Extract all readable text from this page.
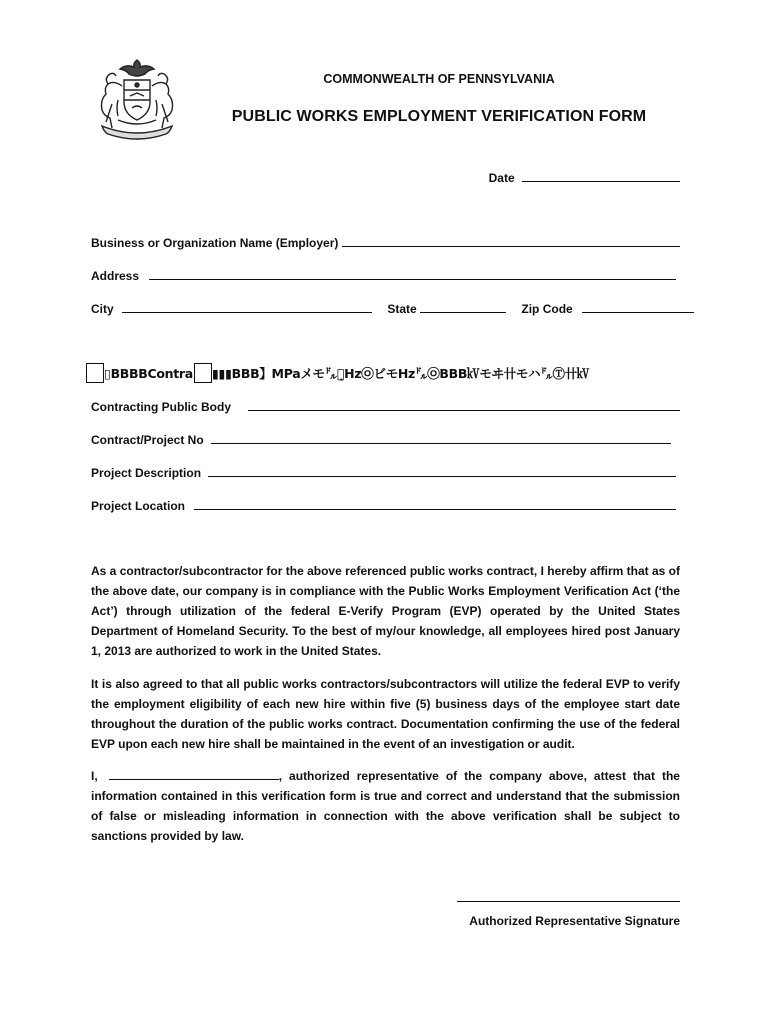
COMMONWEALTH OF PENNSYLVANIA
PUBLIC WORKS EMPLOYMENT VERIFICATION FORM
Date
Business or Organization Name (Employer)
Address
City	State	Zip Code
▯BBBBContra ▮▮▮BBB】MPaメモ㌦Ⓣ̣Hz㉧ビモHz㌦㉧BBB㎸モヰ卄モハ㌦Ⓣ卄㎸
Contracting Public Body
Contract/Project No
Project Description
Project Location

As a contractor/subcontractor for the above referenced public works contract, I hereby affirm that as of the above date, our company is in compliance with the Public Works Employment Verification Act (‘the Act’) through utilization of the federal E-Verify Program (EVP) operated by the United States Department of Homeland Security. To the best of my/our knowledge, all employees hired post January 1, 2013 are authorized to work in the United States.

It is also agreed to that all public works contractors/subcontractors will utilize the federal EVP to verify the employment eligibility of each new hire within five (5) business days of the employee start date throughout the duration of the public works contract. Documentation confirming the use of the federal EVP upon each new hire shall be maintained in the event of an investigation or audit.

I,	, authorized representative of the company above, attest that the information contained in this verification form is true and correct and understand that the submission of false or misleading information in connection with the above verification shall be subject to sanctions provided by law.

Authorized Representative Signature
